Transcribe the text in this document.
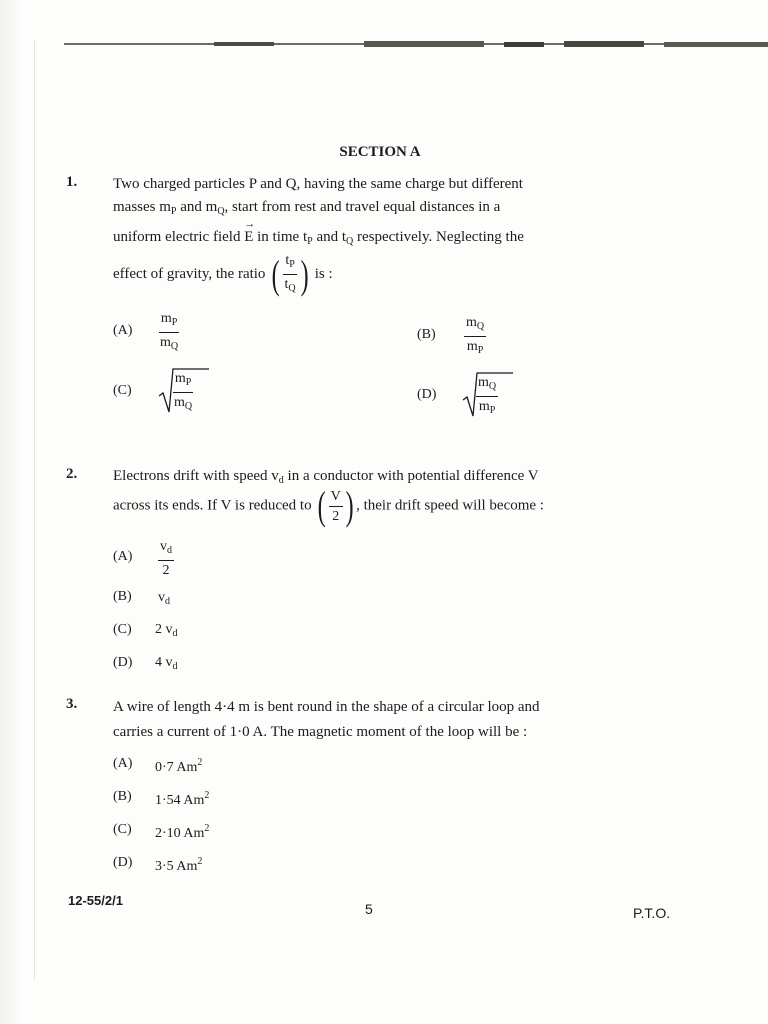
SECTION A
1. Two charged particles P and Q, having the same charge but different
masses $m_P$ and $m_Q$, start from rest and travel equal distances in a
uniform electric field
→
E in time $t_P$ and $t_Q$ respectively. Neglecting the
effect of gravity, the ratio ( $\frac{t_P}{t_Q}$ ) is :
$(A) \frac{m_P}{m_Q}$	$(B) \frac{m_Q}{m_P}$
(C)	$\frac{m_P}{m_Q}$	(D)	$\frac{m_Q}{m_P}$
2. Electrons drift with speed $v_d$ in a conductor with potential difference V
across its ends. If V is reduced to ( $\frac{V}{2}$ ) , their drift speed will become :
$(A) \frac{v_d}{2}$
(B) $v_d$
(C) 2 $v_d$
(D) 4 $v_d$
3. A wire of length 4·4 m is bent round in the shape of a circular loop and
carries a current of 1·0 A. The magnetic moment of the loop will be :
(A) 0·7 Am$^2$
(B) 1·54 Am$^2$
(C) 2·10 Am$^2$
(D) 3·5 Am$^2$
12-55/2/1
5	P.T.O.
